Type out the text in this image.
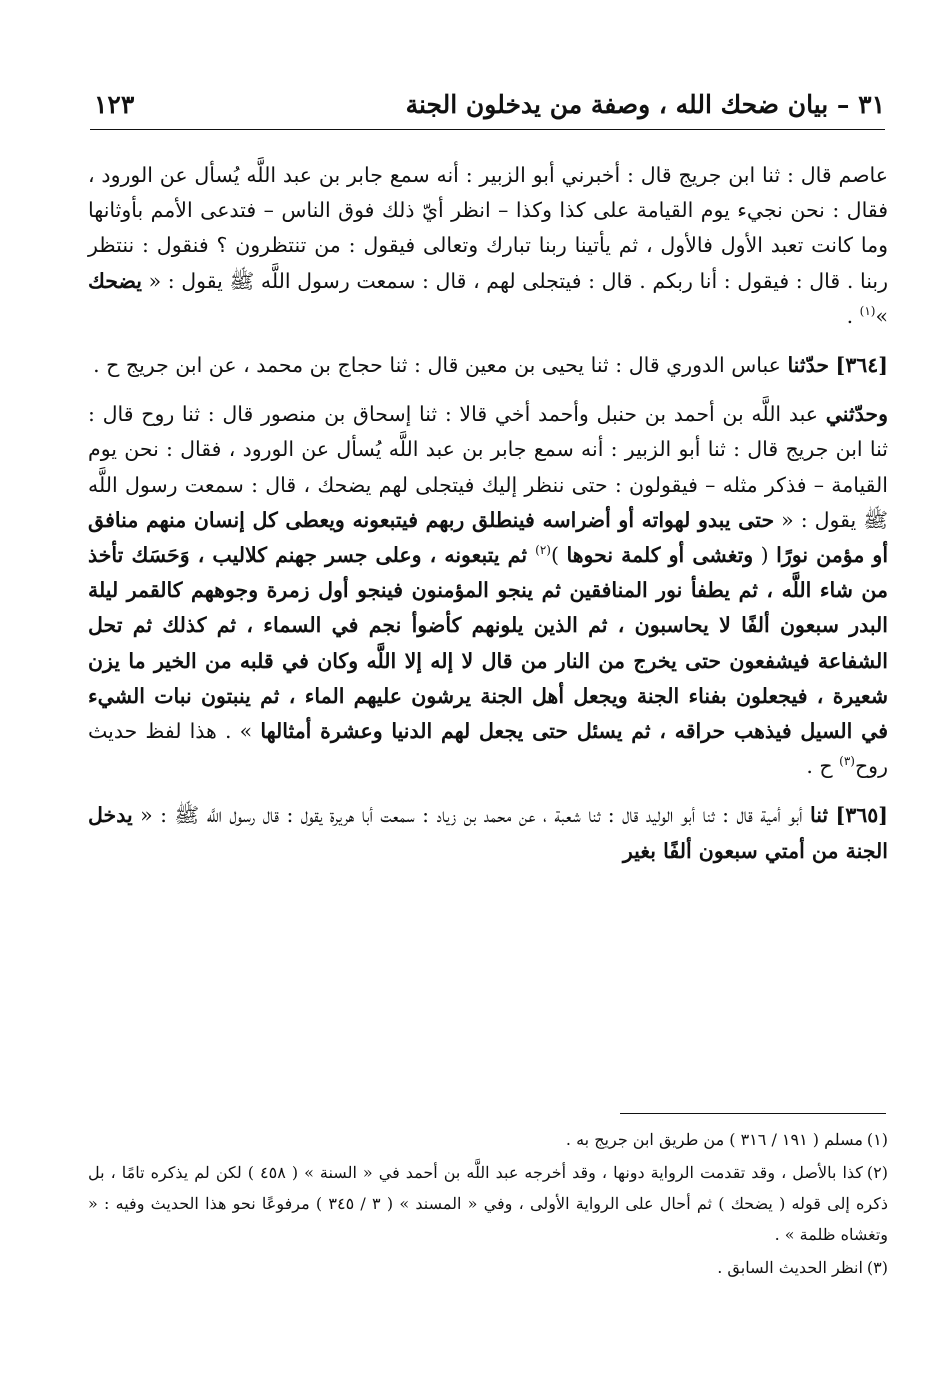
٣١ – بيان ضحك الله ، وصفة من يدخلون الجنة
١٢٣

عاصم قال : ثنا ابن جريج قال : أخبرني أبو الزبير : أنه سمع جابر بن عبد اللَّه يُسأل عن الورود ، فقال : نحن نجيء يوم القيامة على كذا وكذا – انظر أيّ ذلك فوق الناس – فتدعى الأمم بأوثانها وما كانت تعبد الأول فالأول ، ثم يأتينا ربنا تبارك وتعالى فيقول : من تنتظرون ؟ فنقول : ننتظر ربنا . قال : فيقول : أنا ربكم . قال : فيتجلى لهم ، قال : سمعت رسول اللَّه ﷺ يقول : « يضحك »$^{(١)}$ .

[٣٦٤] حدّثنا عباس الدوري قال : ثنا يحيى بن معين قال : ثنا حجاج بن محمد ، عن ابن جريج ح .

وحدّثني عبد اللَّه بن أحمد بن حنبل وأحمد أخي قالا : ثنا إسحاق بن منصور قال : ثنا روح قال : ثنا ابن جريج قال : ثنا أبو الزبير : أنه سمع جابر بن عبد اللَّه يُسأل عن الورود ، فقال : نحن يوم القيامة – فذكر مثله – فيقولون : حتى ننظر إليك فيتجلى لهم يضحك ، قال : سمعت رسول اللَّه ﷺ يقول : « حتى يبدو لهواته أو أضراسه فينطلق ربهم فيتبعونه ويعطى كل إنسان منهم منافق أو مؤمن نورًا ( وتغشى أو كلمة نحوها )$^{(٢)}$ ثم يتبعونه ، وعلى جسر جهنم كلاليب ، وَحَسَك تأخذ من شاء اللَّه ، ثم يطفأ نور المنافقين ثم ينجو المؤمنون فينجو أول زمرة وجوههم كالقمر ليلة البدر سبعون ألفًا لا يحاسبون ، ثم الذين يلونهم كأضوأ نجم في السماء ، ثم كذلك ثم تحل الشفاعة فيشفعون حتى يخرج من النار من قال لا إله إلا اللَّه وكان في قلبه من الخير ما يزن شعيرة ، فيجعلون بفناء الجنة ويجعل أهل الجنة يرشون عليهم الماء ، ثم ينبتون نبات الشيء في السيل فيذهب حراقه ، ثم يسئل حتى يجعل لهم الدنيا وعشرة أمثالها » . هذا لفظ حديث روح$^{(٣)}$ ح .

[٣٦٥] ثنا أبو أمية قال : ثنا أبو الوليد قال : ثنا شعبة ، عن محمد بن زياد : سمعت أبا هريرة يقول : قال رسول اللَّه ﷺ : « يدخل الجنة من أمتي سبعون ألفًا بغير

(١)مسلم ( ١٩١ / ٣١٦ ) من طريق ابن جريج به .

(٢)كذا بالأصل ، وقد تقدمت الرواية دونها ، وقد أخرجه عبد اللَّه بن أحمد في « السنة » ( ٤٥٨ ) لكن لم يذكره تامًا ، بل ذكره إلى قوله ( يضحك ) ثم أحال على الرواية الأولى ، وفي « المسند » ( ٣ / ٣٤٥ ) مرفوعًا نحو هذا الحديث وفيه : « وتغشاه ظلمة » .

(٣)انظر الحديث السابق .
